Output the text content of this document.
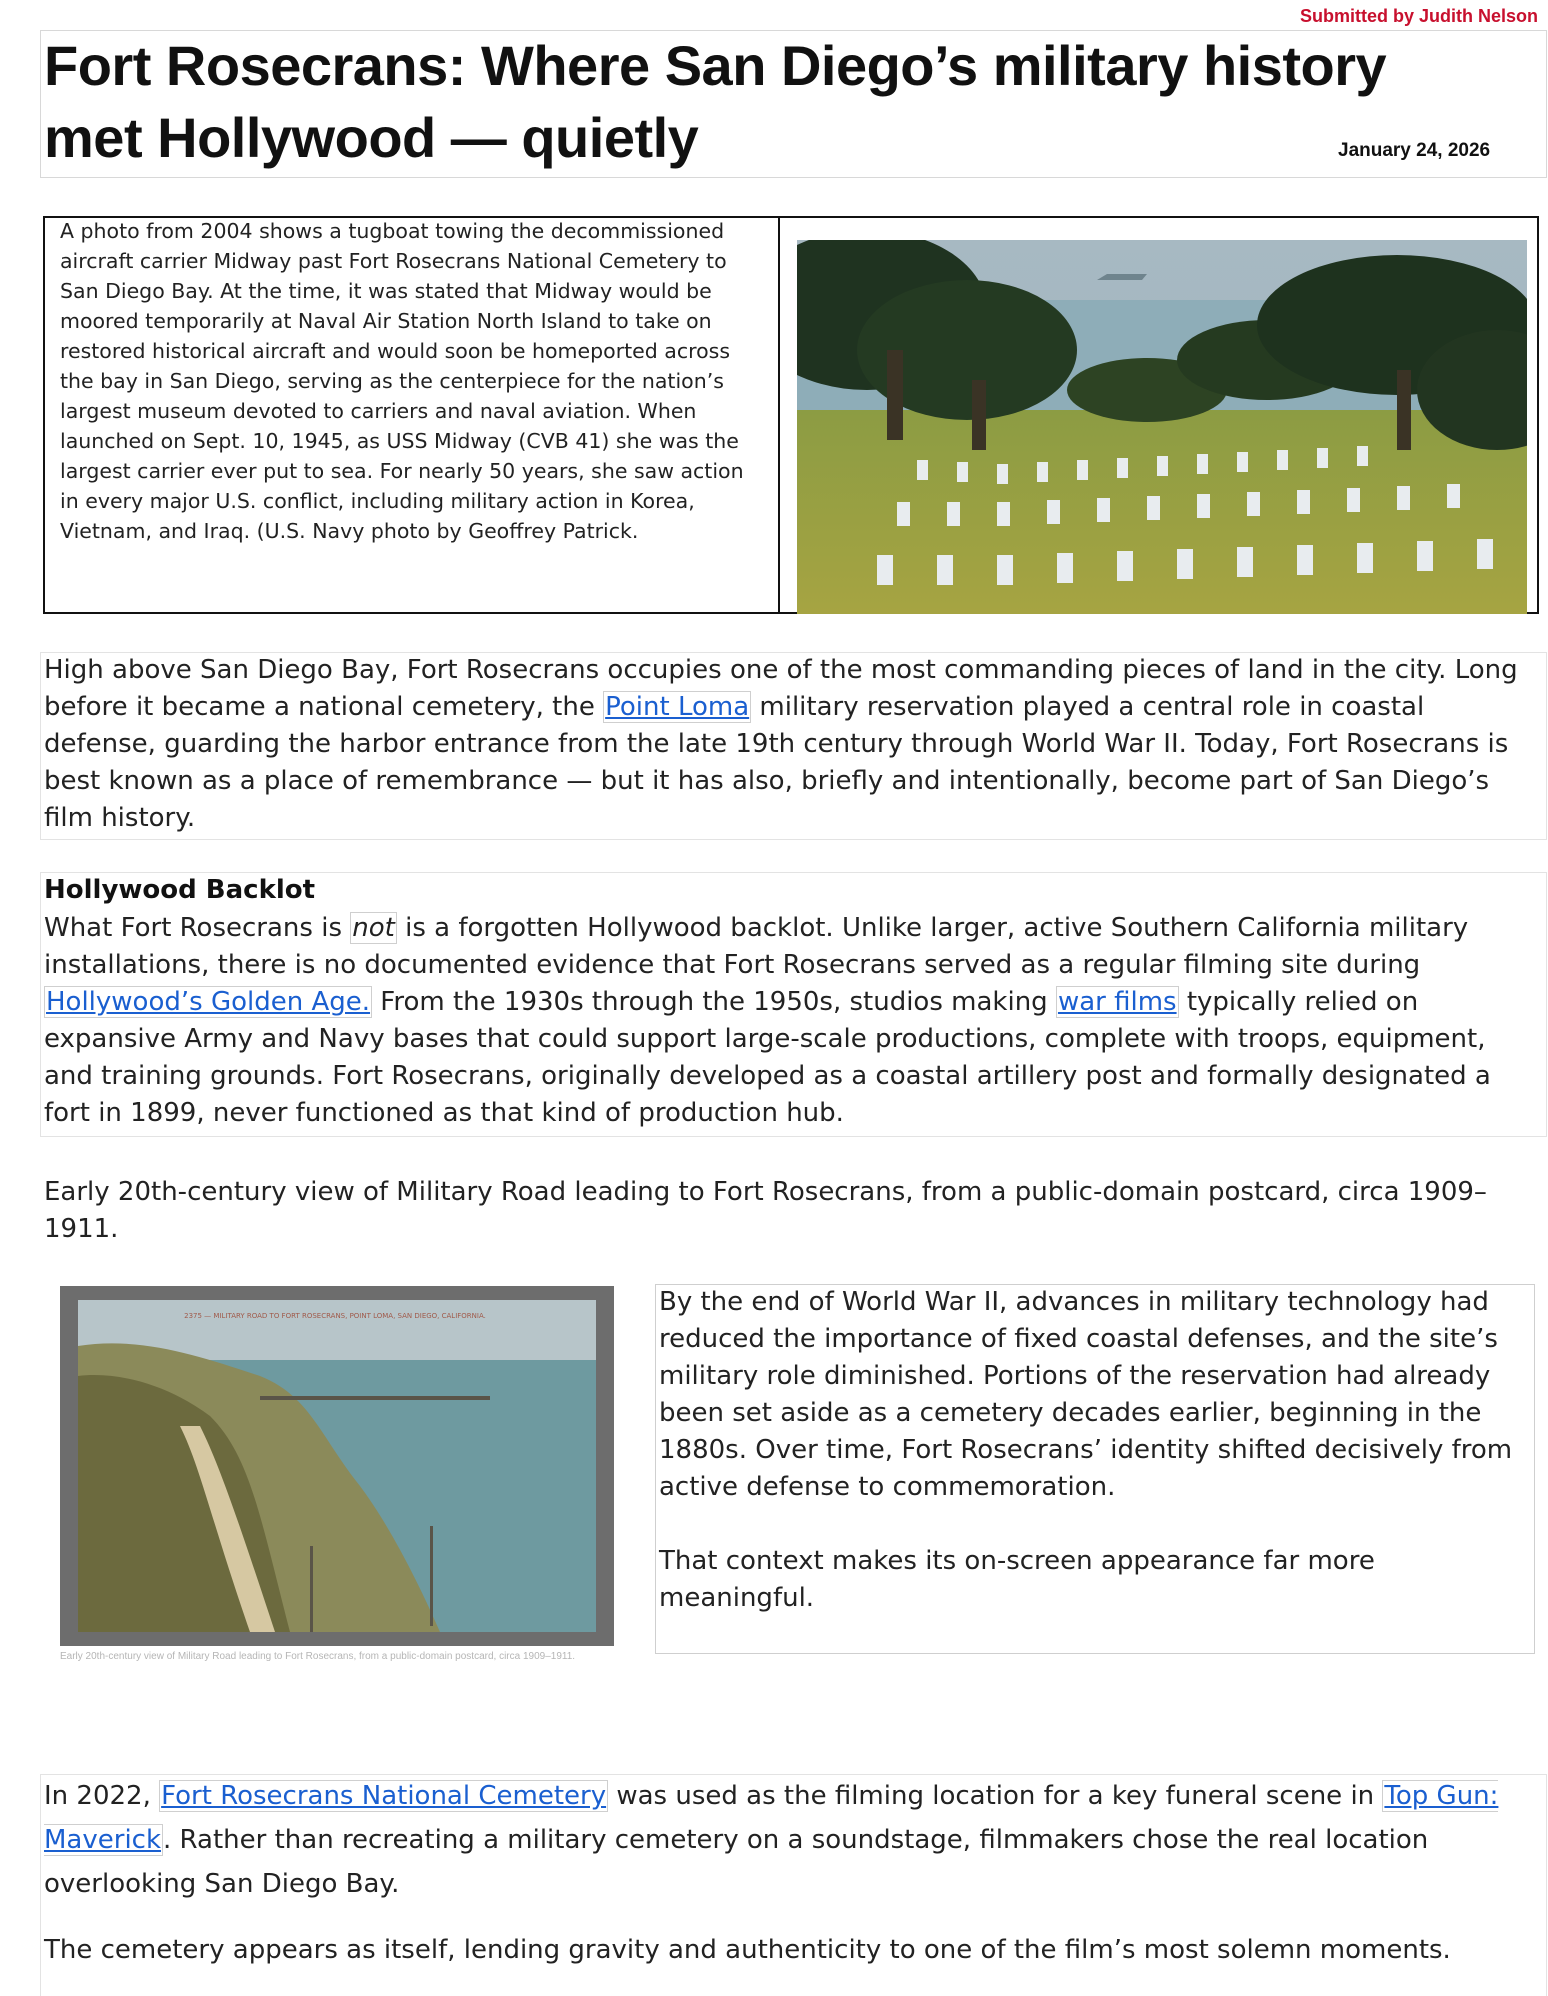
Submitted by Judith Nelson
Fort Rosecrans: Where San Diego’s military history met Hollywood — quietly	January 24, 2026
A photo from 2004 shows a tugboat towing the decommissioned aircraft carrier Midway past Fort Rosecrans National Cemetery to San Diego Bay. At the time, it was stated that Midway would be moored temporarily at Naval Air Station North Island to take on restored historical aircraft and would soon be homeported across the bay in San Diego, serving as the centerpiece for the nation’s largest museum devoted to carriers and naval aviation. When launched on Sept. 10, 1945, as USS Midway (CVB 41) she was the largest carrier ever put to sea. For nearly 50 years, she saw action in every major U.S. conflict, including military action in Korea, Vietnam, and Iraq. (U.S. Navy photo by Geoffrey Patrick.

High above San Diego Bay, Fort Rosecrans occupies one of the most commanding pieces of land in the city. Long before it became a national cemetery, the Point Loma military reservation played a central role in coastal defense, guarding the harbor entrance from the late 19th century through World War II. Today, Fort Rosecrans is best known as a place of remembrance — but it has also, briefly and intentionally, become part of San Diego’s film history.

Hollywood Backlot

What Fort Rosecrans is not is a forgotten Hollywood backlot. Unlike larger, active Southern California military installations, there is no documented evidence that Fort Rosecrans served as a regular filming site during Hollywood’s Golden Age. From the 1930s through the 1950s, studios making war films typically relied on expansive Army and Navy bases that could support large-scale productions, complete with troops, equipment, and training grounds. Fort Rosecrans, originally developed as a coastal artillery post and formally designated a fort in 1899, never functioned as that kind of production hub.

Early 20th-century view of Military Road leading to Fort Rosecrans, from a public-domain postcard, circa 1909–1911.

2375 — MILITARY ROAD TO FORT ROSECRANS, POINT LOMA, SAN DIEGO, CALIFORNIA.
Early 20th-century view of Military Road leading to Fort Rosecrans, from a public-domain postcard, circa 1909–1911.

By the end of World War II, advances in military technology had reduced the importance of fixed coastal defenses, and the site’s military role diminished. Portions of the reservation had already been set aside as a cemetery decades earlier, beginning in the 1880s. Over time, Fort Rosecrans’ identity shifted decisively from active defense to commemoration.

That context makes its on-screen appearance far more meaningful.

In 2022, Fort Rosecrans National Cemetery was used as the filming location for a key funeral scene in Top Gun: Maverick. Rather than recreating a military cemetery on a soundstage, filmmakers chose the real location overlooking San Diego Bay.

The cemetery appears as itself, lending gravity and authenticity to one of the film’s most solemn moments.
